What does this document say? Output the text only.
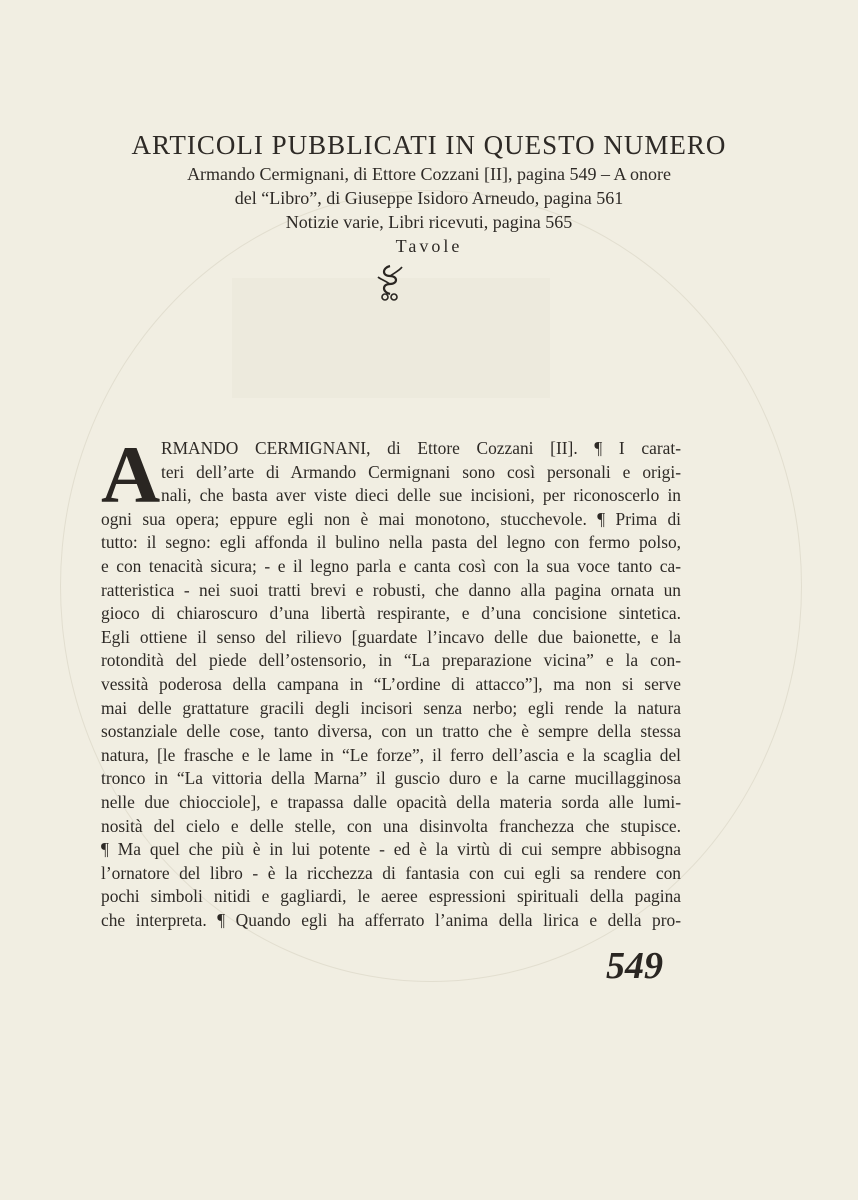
ARTICOLI PUBBLICATI IN QUESTO NUMERO
Armando Cermignani, di Ettore Cozzani [II], pagina 549 – A onore
del “Libro”, di Giuseppe Isidoro Arneudo, pagina 561
Notizie varie, Libri ricevuti, pagina 565
Tavole
A RMANDO CERMIGNANI, di Ettore Cozzani [II]. ¶ I carat-
teri dell’arte di Armando Cermignani sono così personali e origi-
nali, che basta aver viste dieci delle sue incisioni, per riconoscerlo in
ogni sua opera; eppure egli non è mai monotono, stucchevole. ¶ Prima di
tutto: il segno: egli affonda il bulino nella pasta del legno con fermo polso,
e con tenacità sicura; - e il legno parla e canta così con la sua voce tanto ca-
ratteristica - nei suoi tratti brevi e robusti, che danno alla pagina ornata un
gioco di chiaroscuro d’una libertà respirante, e d’una concisione sintetica.
Egli ottiene il senso del rilievo [guardate l’incavo delle due baionette, e la
rotondità del piede dell’ostensorio, in “La preparazione vicina” e la con-
vessità poderosa della campana in “L’ordine di attacco”], ma non si serve
mai delle grattature gracili degli incisori senza nerbo; egli rende la natura
sostanziale delle cose, tanto diversa, con un tratto che è sempre della stessa
natura, [le frasche e le lame in “Le forze”, il ferro dell’ascia e la scaglia del
tronco in “La vittoria della Marna” il guscio duro e la carne mucillagginosa
nelle due chiocciole], e trapassa dalle opacità della materia sorda alle lumi-
nosità del cielo e delle stelle, con una disinvolta franchezza che stupisce.
¶ Ma quel che più è in lui potente - ed è la virtù di cui sempre abbisogna
l’ornatore del libro - è la ricchezza di fantasia con cui egli sa rendere con
pochi simboli nitidi e gagliardi, le aeree espressioni spirituali della pagina
che interpreta. ¶ Quando egli ha afferrato l’anima della lirica e della pro-
549
